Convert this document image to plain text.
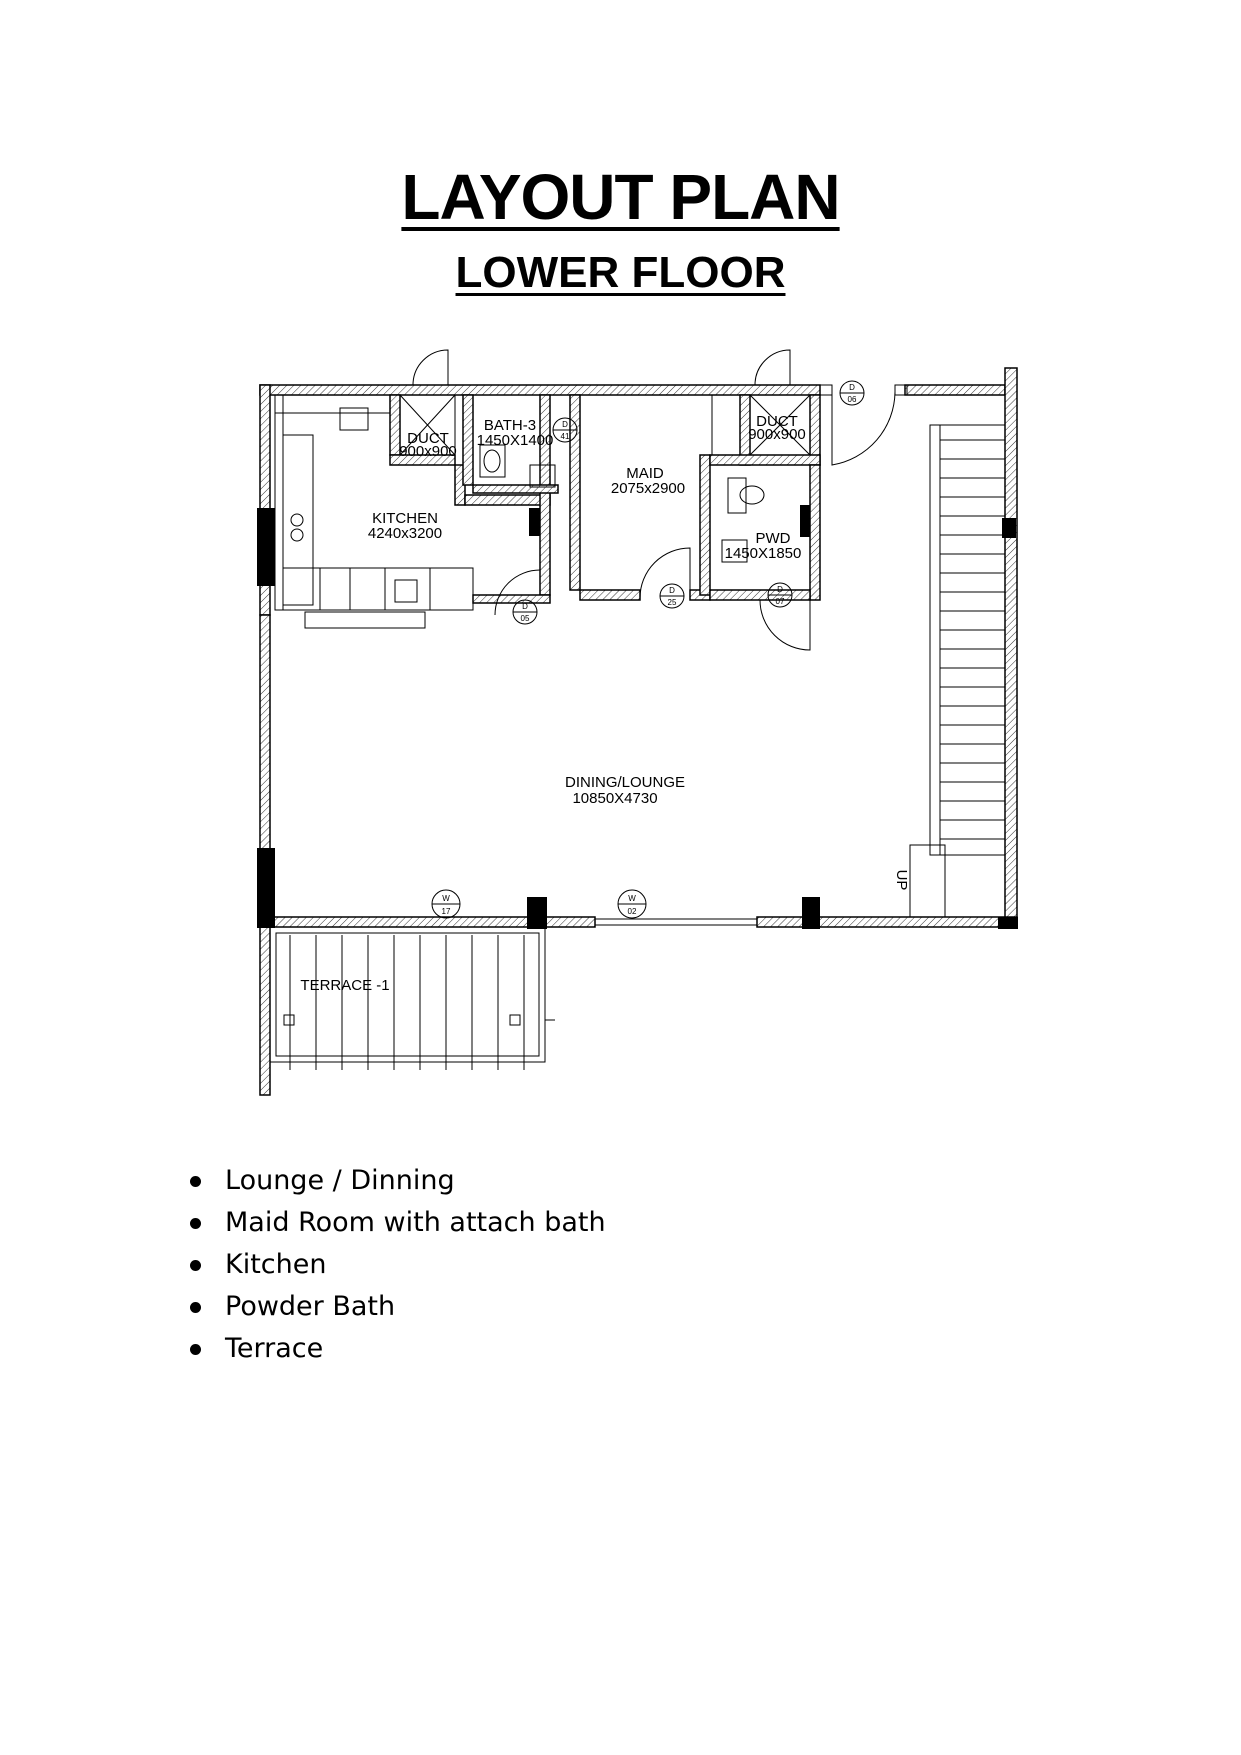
LAYOUT PLAN
LOWER FLOOR
KITCHEN
4240x3200
DUCT
900x900
BATH-3
1450X1400
MAID
2075x2900
DUCT
900x900
PWD
1450X1850
UP
DINING/LOUNGE
10850X4730
TERRACE -1
D
41
D
06
D
05
D
25
D
07
W
17
W
02
Lounge / Dinning
Maid Room with attach bath
Kitchen
Powder Bath
Terrace
